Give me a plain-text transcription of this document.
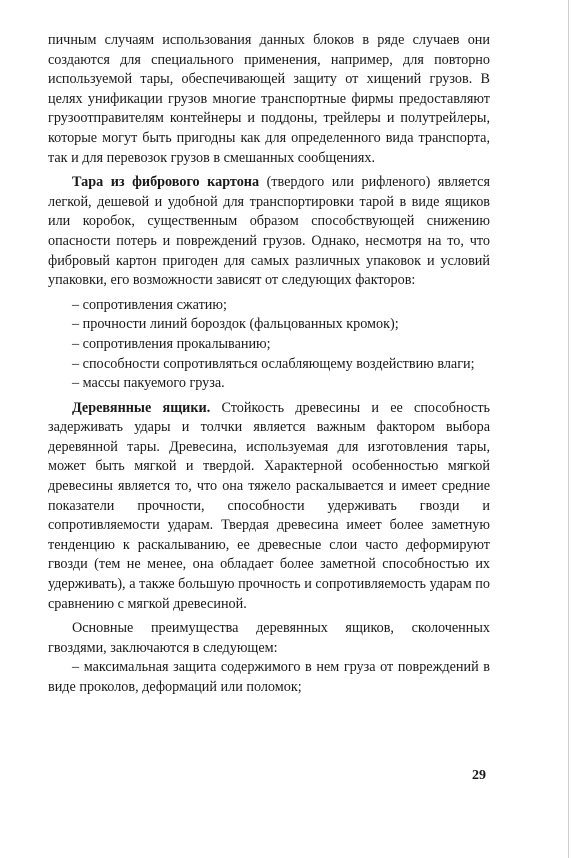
пичным случаям использования данных блоков в ряде случаев они создаются для специального применения, например, для повторно используемой тары, обеспечивающей защиту от хищений грузов. В целях унификации грузов многие транспортные фирмы предоставляют грузоотправителям контейнеры и поддоны, трейлеры и полутрейлеры, которые могут быть пригодны как для определенного вида транспорта, так и для перевозок грузов в смешанных сообщениях.

Тара из фибрового картона (твердого или рифленого) является легкой, дешевой и удобной для транспортировки тарой в виде ящиков или коробок, существенным образом способствующей снижению опасности потерь и повреждений грузов. Однако, несмотря на то, что фибровый картон пригоден для самых различных упаковок и условий упаковки, его возможности зависят от следующих факторов:

– сопротивления сжатию;

– прочности линий бороздок (фальцованных кромок);

– сопротивления прокалыванию;

– способности сопротивляться ослабляющему воздействию влаги;

– массы пакуемого груза.

Деревянные ящики. Стойкость древесины и ее способность задерживать удары и толчки является важным фактором выбора деревянной тары. Древесина, используемая для изготовления тары, может быть мягкой и твердой. Характерной особенностью мягкой древесины является то, что она тяжело раскалывается и имеет средние показатели прочности, способности удерживать гвозди и сопротивляемости ударам. Твердая древесина имеет более заметную тенденцию к раскалыванию, ее древесные слои часто деформируют гвозди (тем не менее, она обладает более заметной способностью их удерживать), а также большую прочность и сопротивляемость ударам по сравнению с мягкой древесиной.

Основные преимущества деревянных ящиков, сколоченных гвоздями, заключаются в следующем:

– максимальная защита содержимого в нем груза от повреждений в виде проколов, деформаций или поломок;

29
